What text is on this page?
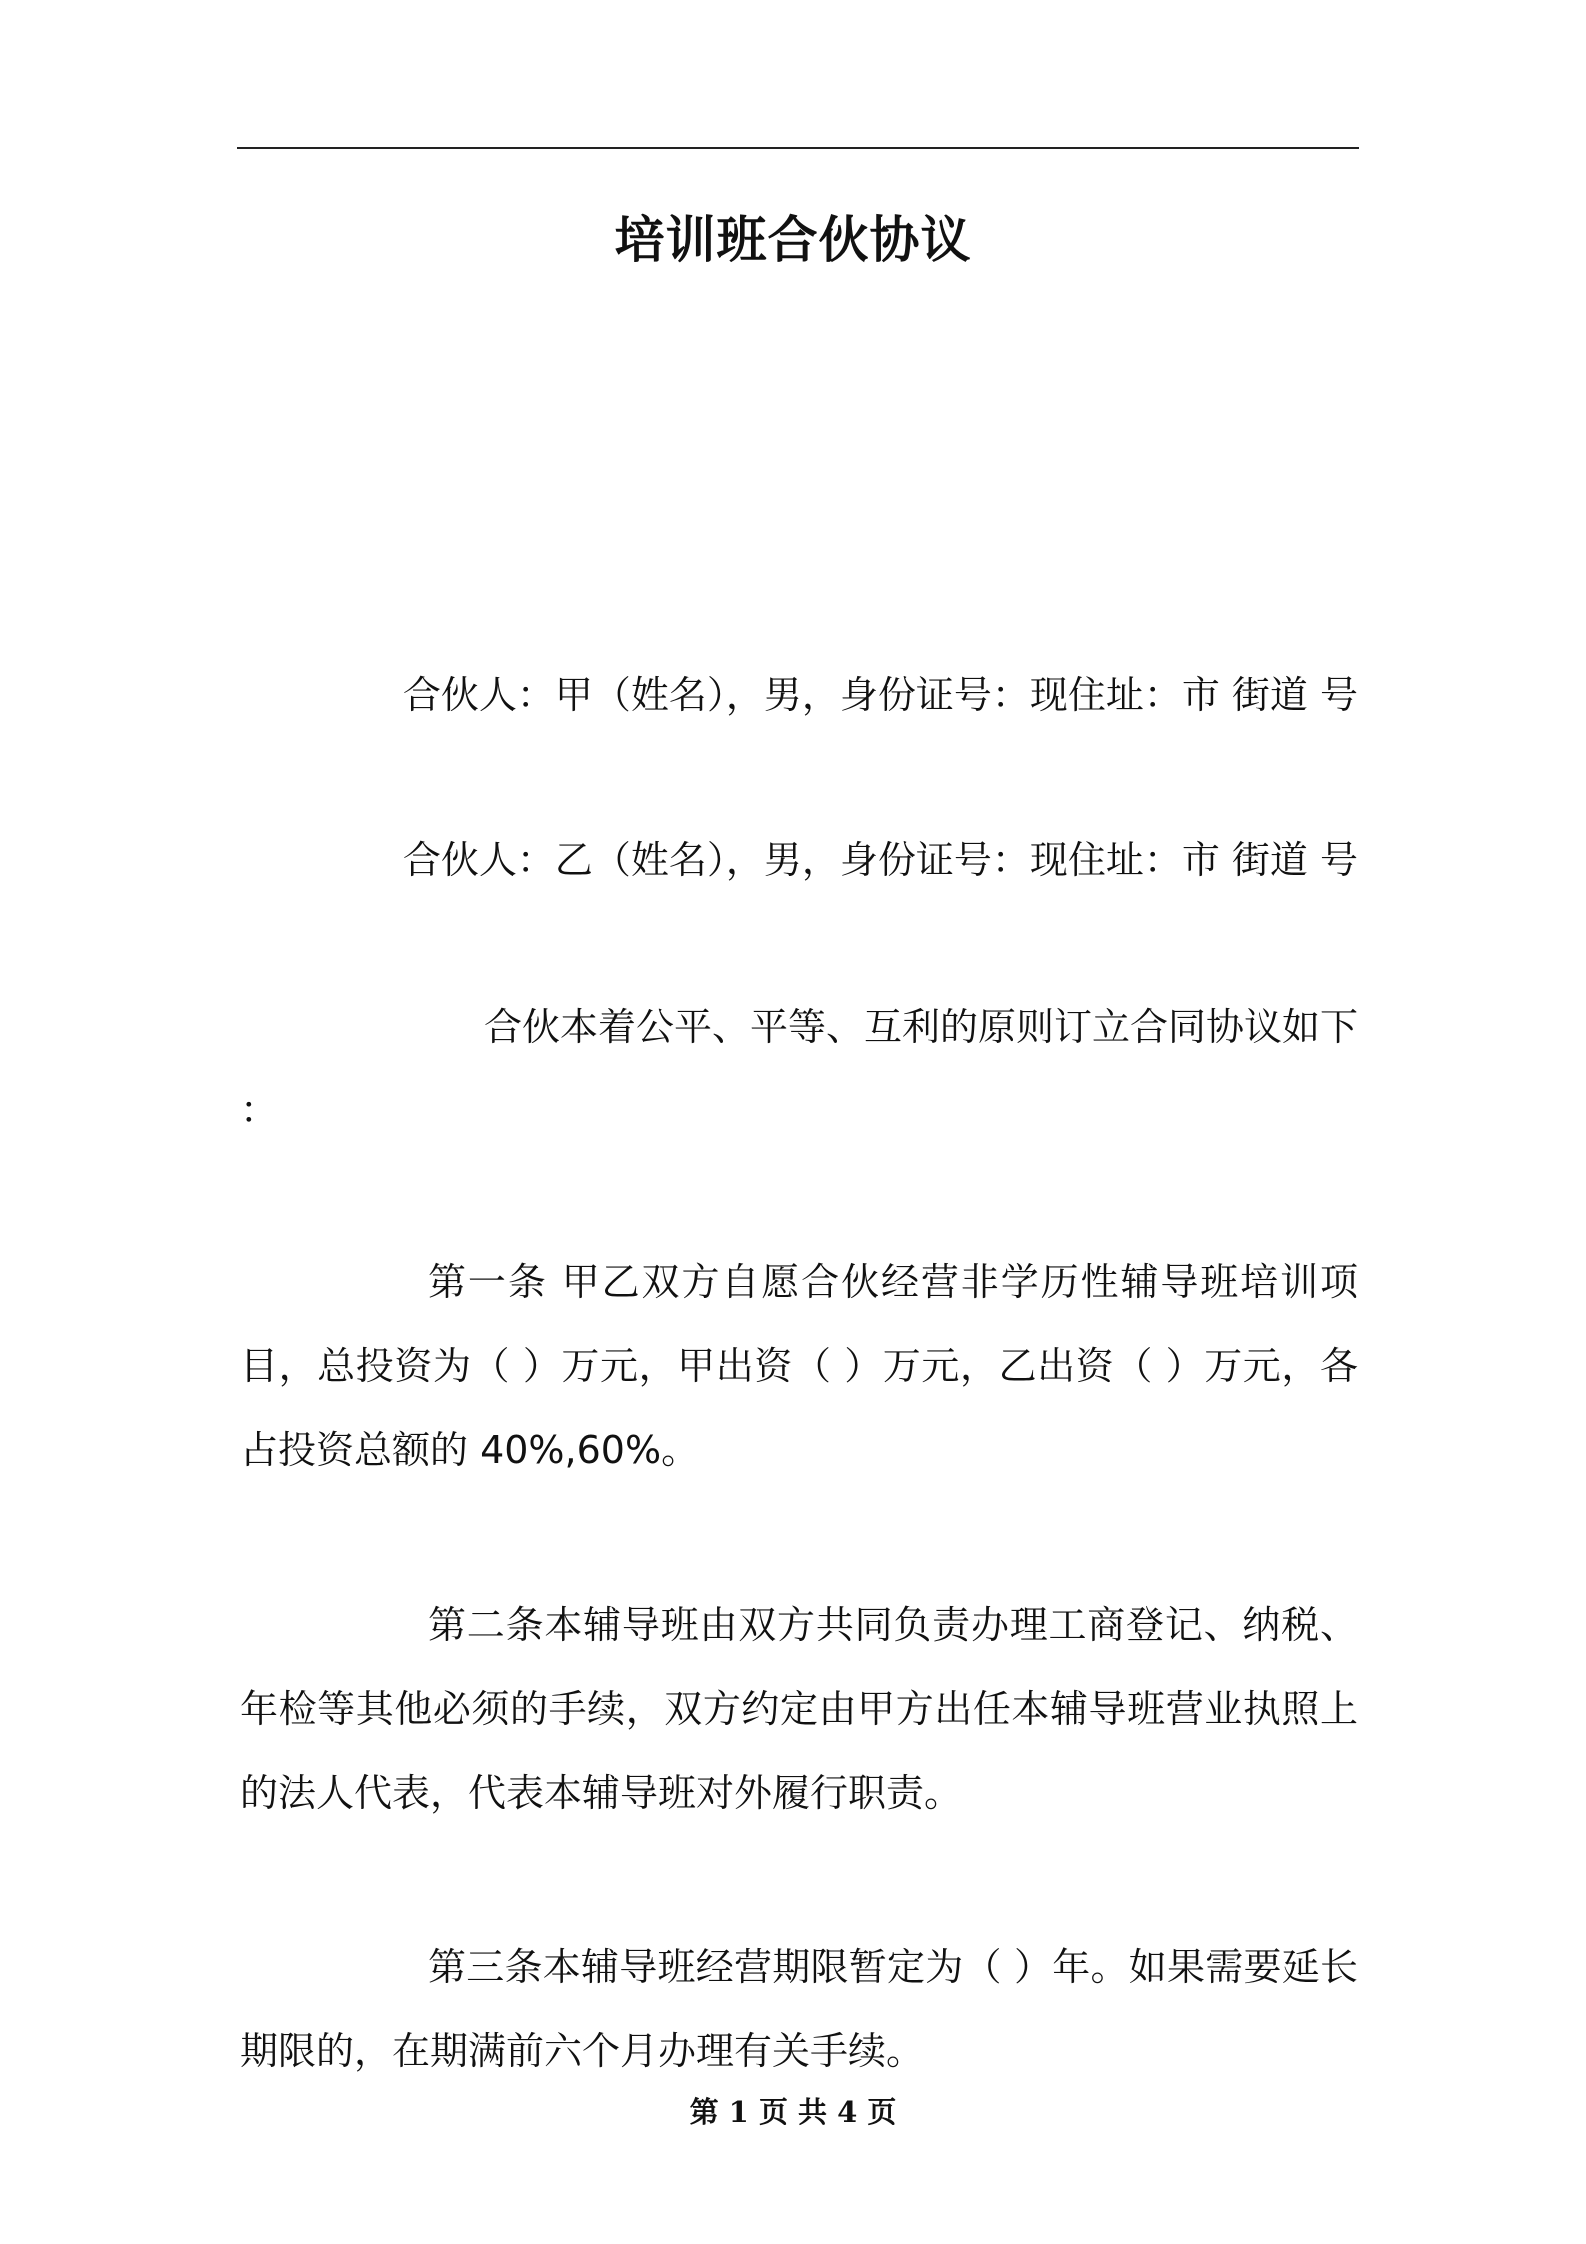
培训班合伙协议

合伙人：甲（姓名），男，身份证号：现住址：市 街道 号

合伙人：乙（姓名），男，身份证号：现住址：市 街道 号

合伙本着公平、平等、互利的原则订立合同协议如下

：

第一条 甲乙双方自愿合伙经营非学历性辅导班培训项目，总投资为（ ）万元，甲出资（ ）万元，乙出资（ ）万元，各占投资总额的 40%,60%。

第二条本辅导班由双方共同负责办理工商登记、纳税、年检等其他必须的手续，双方约定由甲方出任本辅导班营业执照上的法人代表，代表本辅导班对外履行职责。

第三条本辅导班经营期限暂定为（ ）年。如果需要延长期限的，在期满前六个月办理有关手续。

第 1 页 共 4 页
